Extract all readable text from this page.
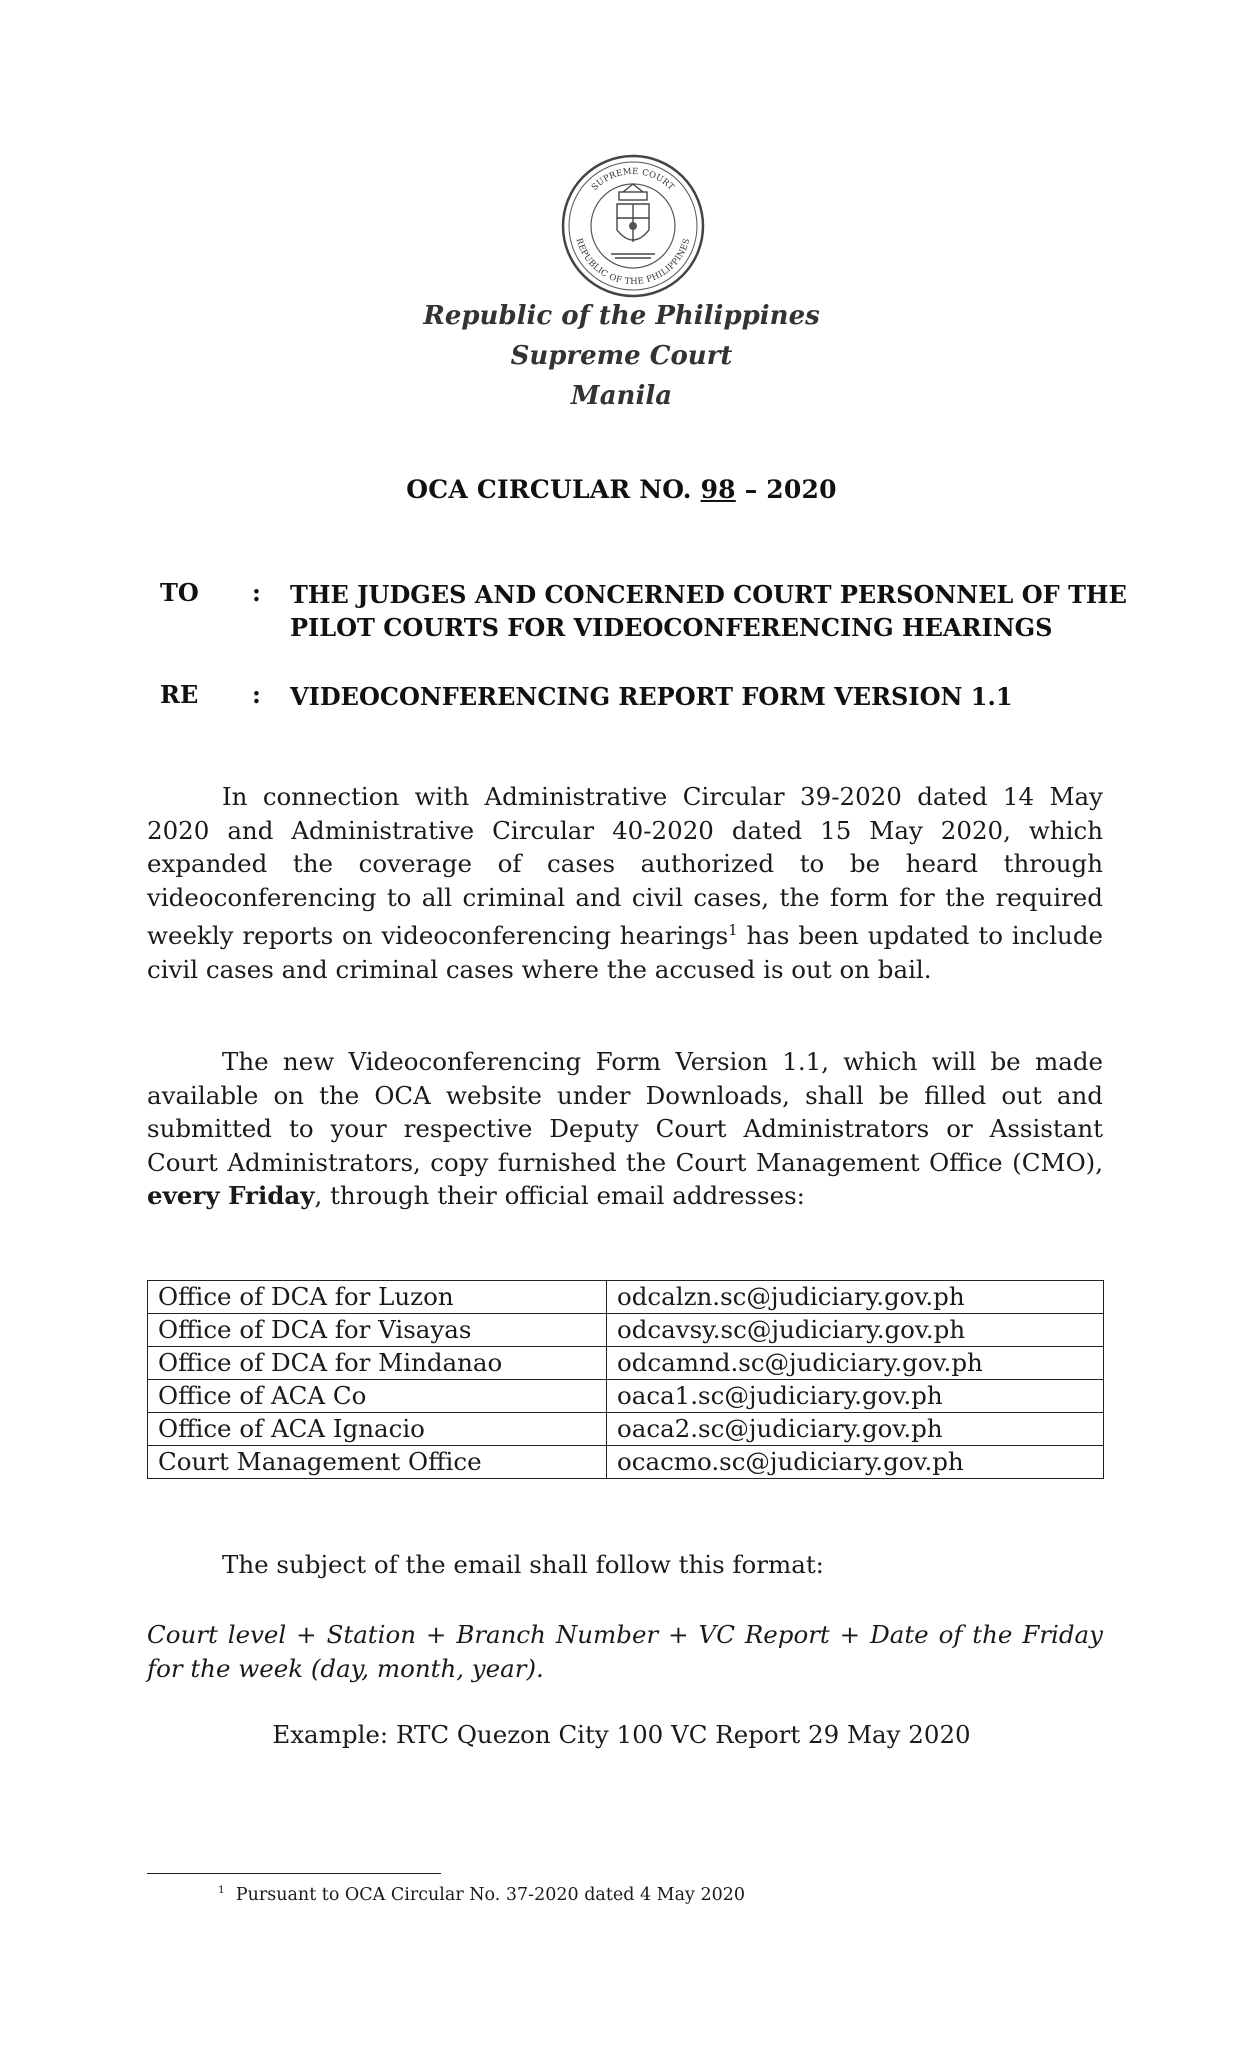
SUPREME COURT
REPUBLIC OF THE PHILIPPINES
Republic of the Philippines
Supreme Court
Manila
OCA CIRCULAR NO. 98 – 2020
TO	: THE JUDGES AND CONCERNED COURT PERSONNEL OF THE PILOT COURTS FOR VIDEOCONFERENCING HEARINGS
RE	: VIDEOCONFERENCING REPORT FORM VERSION 1.1
In connection with Administrative Circular 39-2020 dated 14 May 2020 and Administrative Circular 40-2020 dated 15 May 2020, which expanded the coverage of cases authorized to be heard through videoconferencing to all criminal and civil cases, the form for the required weekly reports on videoconferencing hearings$^1$ has been updated to include civil cases and criminal cases where the accused is out on bail.
The new Videoconferencing Form Version 1.1, which will be made available on the OCA website under Downloads, shall be filled out and submitted to your respective Deputy Court Administrators or Assistant Court Administrators, copy furnished the Court Management Office (CMO), every Friday, through their official email addresses:
Office of DCA for Luzon	odcalzn.sc@judiciary.gov.ph
Office of DCA for Visayas	odcavsy.sc@judiciary.gov.ph
Office of DCA for Mindanao	odcamnd.sc@judiciary.gov.ph
Office of ACA Co	oaca1.sc@judiciary.gov.ph
Office of ACA Ignacio	oaca2.sc@judiciary.gov.ph
Court Management Office	ocacmo.sc@judiciary.gov.ph
The subject of the email shall follow this format:
Court level + Station + Branch Number + VC Report + Date of the Friday for the week (day, month, year).
Example: RTC Quezon City 100 VC Report 29 May 2020
$^1$ Pursuant to OCA Circular No. 37-2020 dated 4 May 2020
